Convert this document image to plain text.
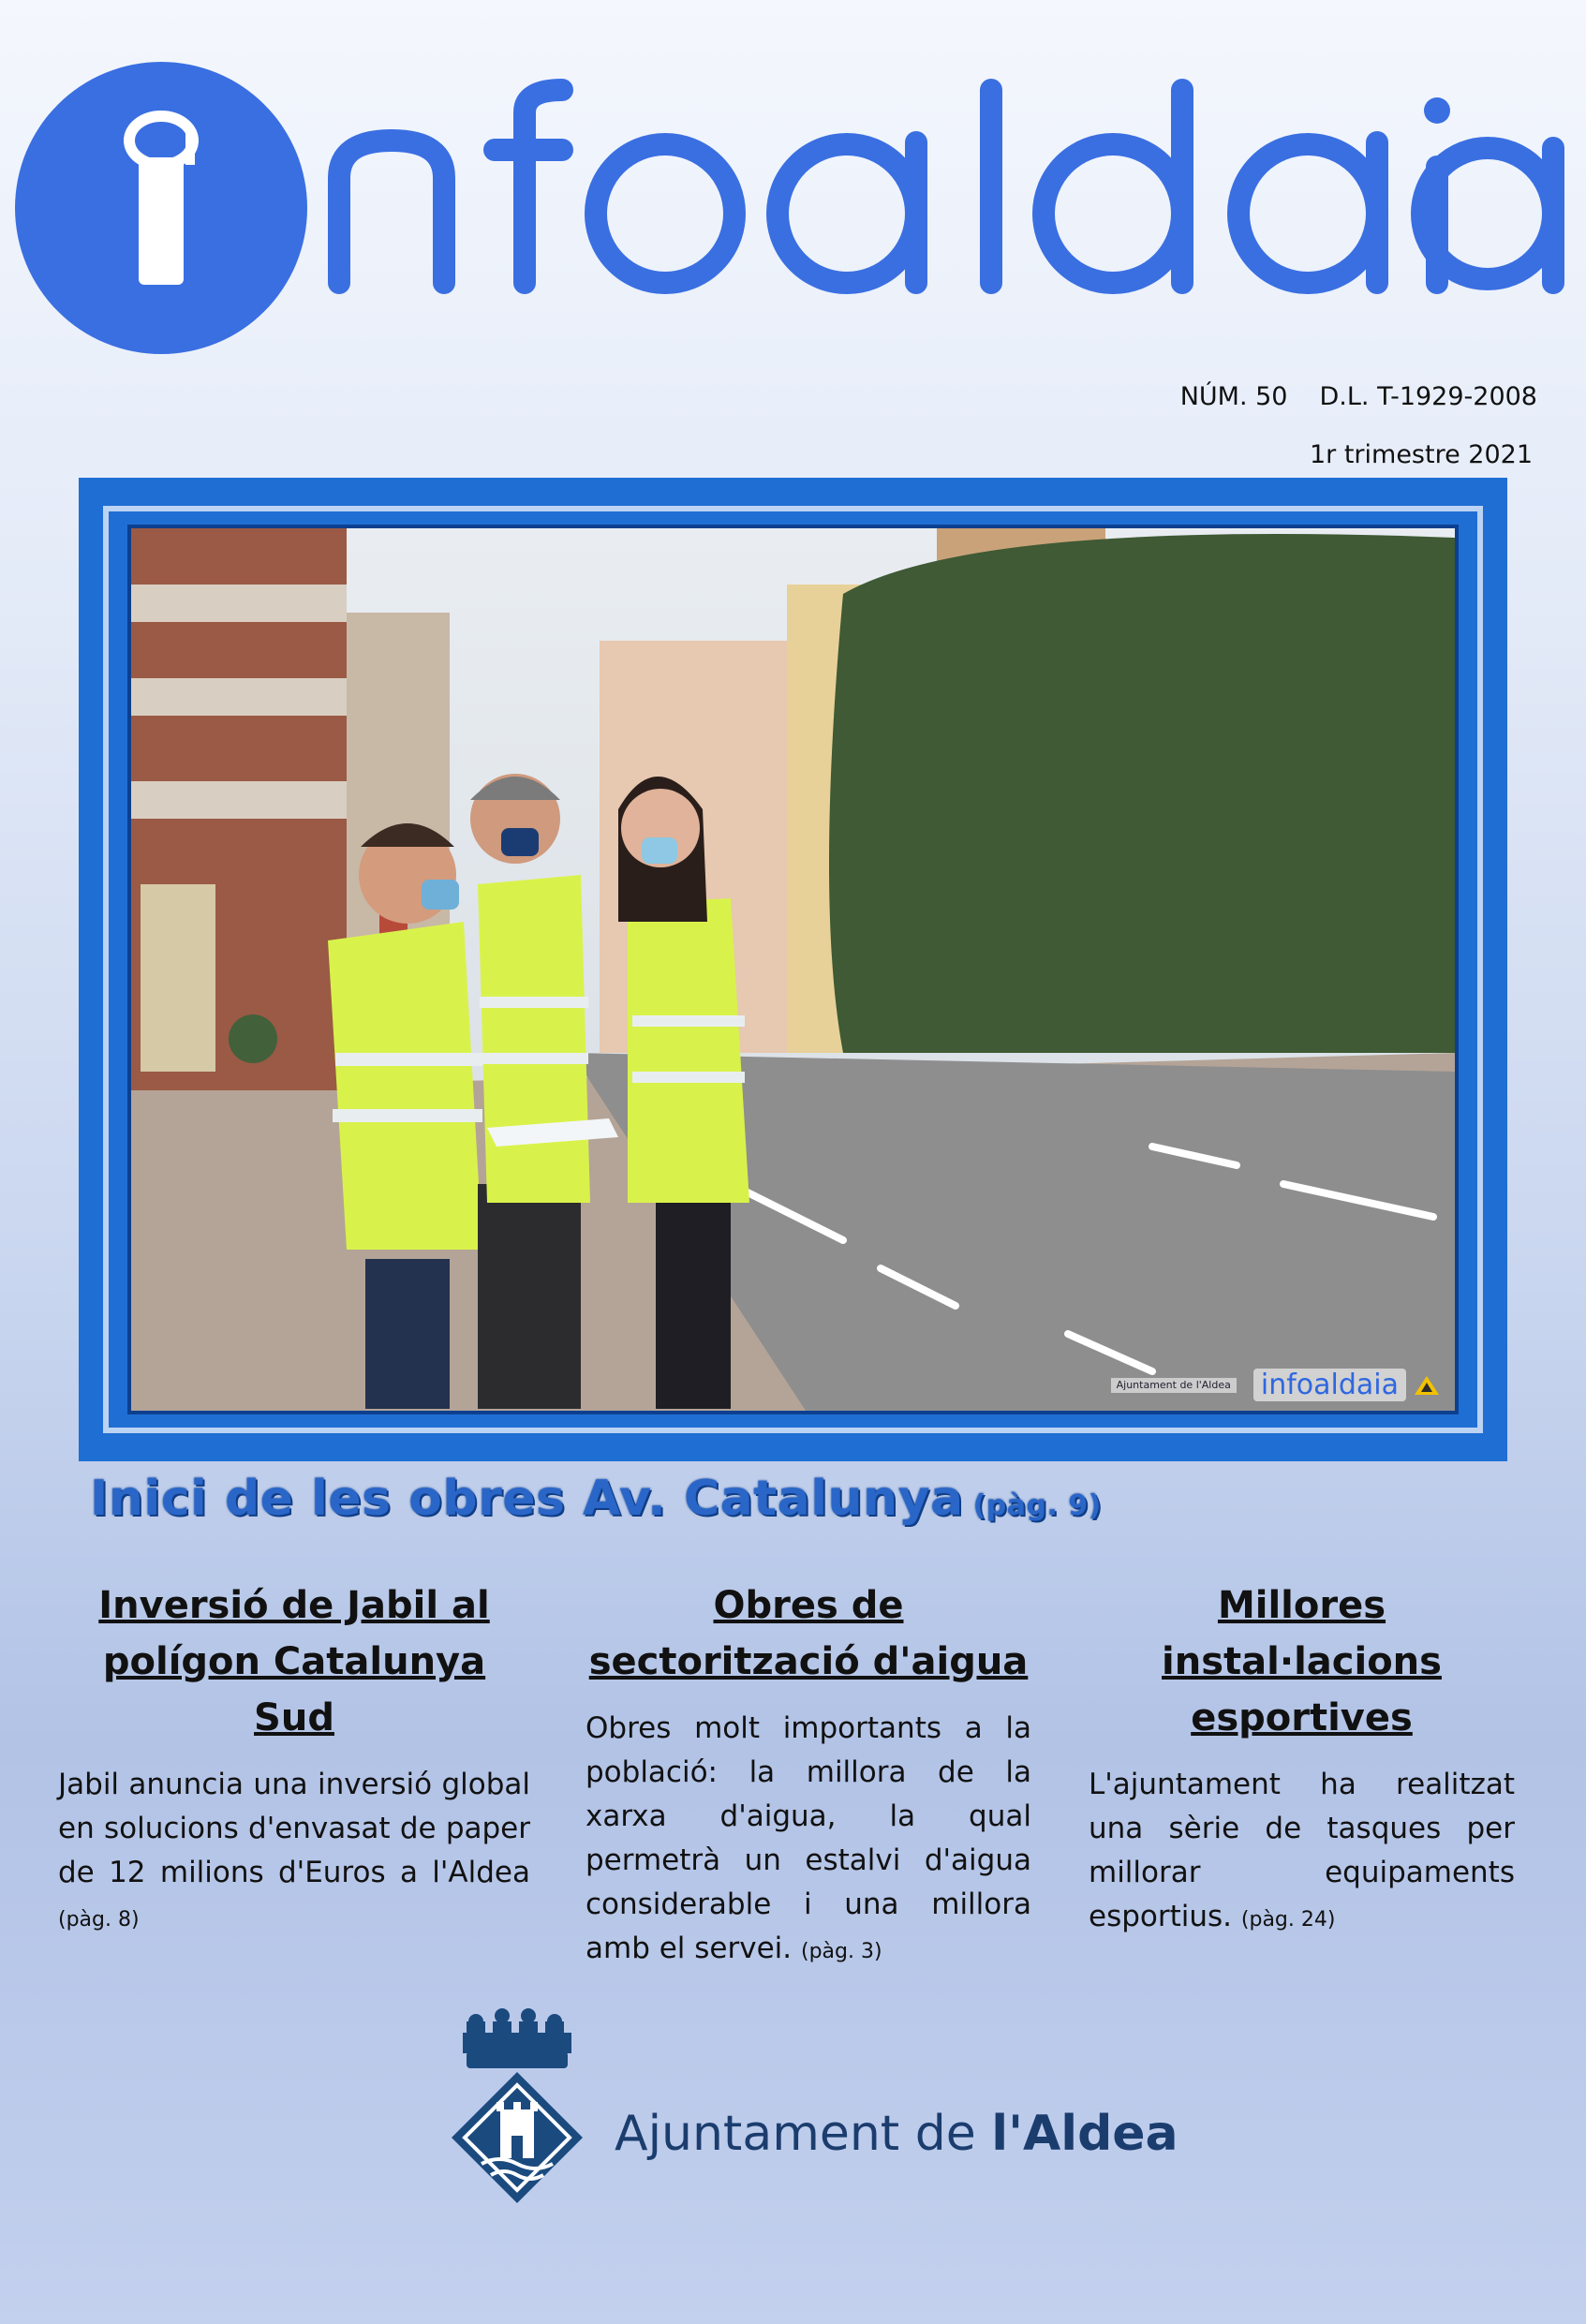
NÚM. 50 D.L. T-1929-2008
1r trimestre 2021
Ajuntament de l'Aldea infoaldaia
Inici de les obres Av. Catalunya (pàg. 9)
Inversió de Jabil al polígon Catalunya Sud

Jabil anuncia una inversió global en solucions d'envasat de paper de 12 milions d'Euros a l'Aldea (pàg. 8)

Obres de sectorització d'aigua

Obres molt importants a la població: la millora de la xarxa d'aigua, la qual permetrà un estalvi d'aigua considerable i una millora amb el servei. (pàg. 3)

Millores instal·lacions esportives

L'ajuntament ha realitzat una sèrie de tasques per millorar equipaments esportius. (pàg. 24)

Ajuntament de l'Aldea
